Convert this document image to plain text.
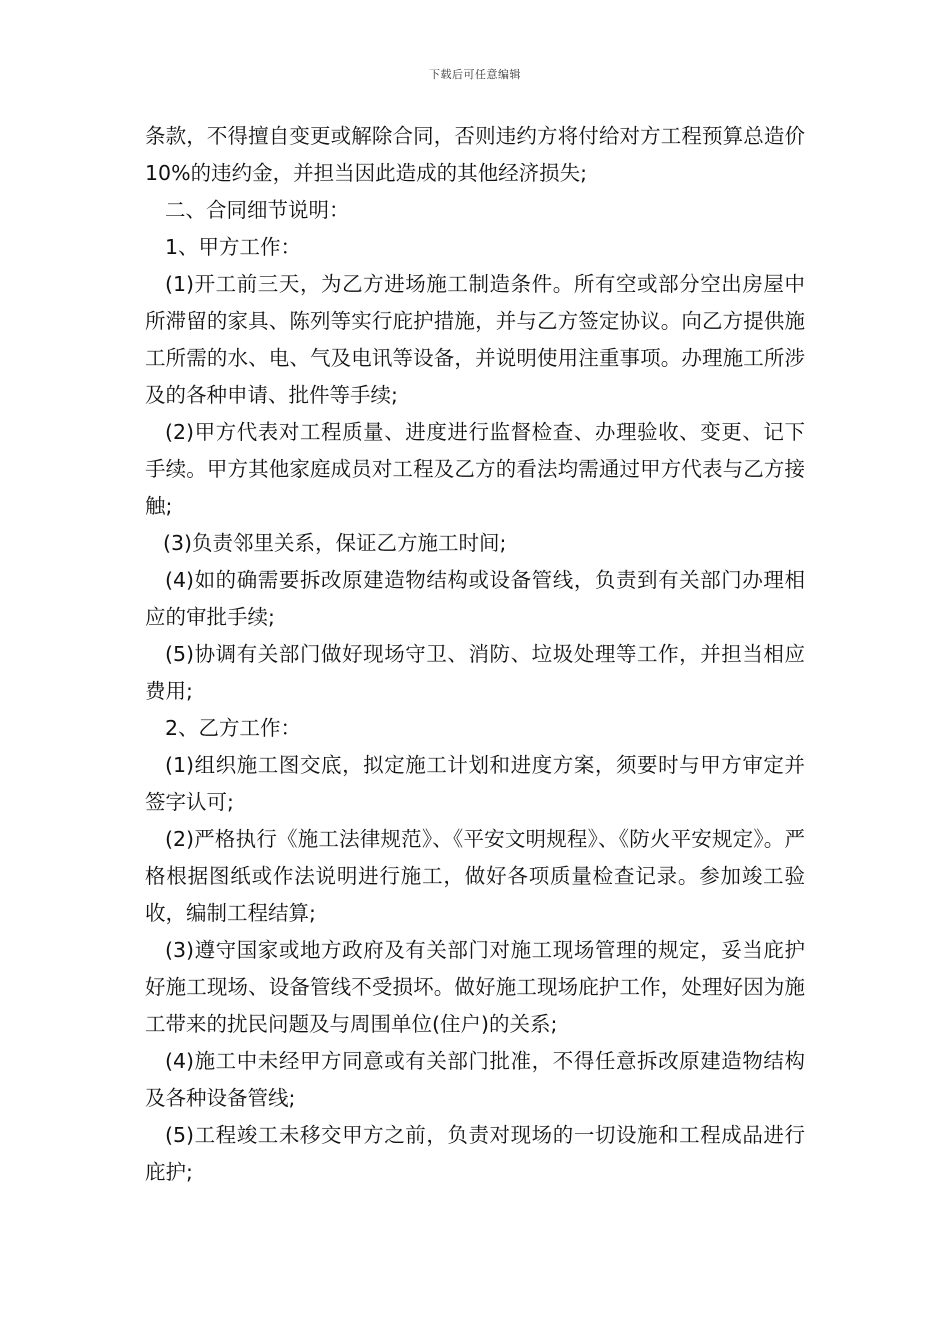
下载后可任意编辑

条款，不得擅自变更或解除合同，否则违约方将付给对方工程预算总造价 10%的违约金，并担当因此造成的其他经济损失;

二、合同细节说明：

1、甲方工作：

(1)开工前三天，为乙方进场施工制造条件。所有空或部分空出房屋中所滞留的家具、陈列等实行庇护措施，并与乙方签定协议。向乙方提供施工所需的水、电、气及电讯等设备，并说明使用注重事项。办理施工所涉及的各种申请、批件等手续;

(2)甲方代表对工程质量、进度进行监督检查、办理验收、变更、记下手续。甲方其他家庭成员对工程及乙方的看法均需通过甲方代表与乙方接触;

(3)负责邻里关系，保证乙方施工时间;

(4)如的确需要拆改原建造物结构或设备管线，负责到有关部门办理相应的审批手续;

(5)协调有关部门做好现场守卫、消防、垃圾处理等工作，并担当相应费用;

2、乙方工作：

(1)组织施工图交底，拟定施工计划和进度方案，须要时与甲方审定并签字认可;

(2)严格执行《施工法律规范》、《平安文明规程》、《防火平安规定》。严格根据图纸或作法说明进行施工，做好各项质量检查记录。参加竣工验收，编制工程结算;

(3)遵守国家或地方政府及有关部门对施工现场管理的规定，妥当庇护好施工现场、设备管线不受损坏。做好施工现场庇护工作，处理好因为施工带来的扰民问题及与周围单位(住户)的关系;

(4)施工中未经甲方同意或有关部门批准，不得任意拆改原建造物结构及各种设备管线;

(5)工程竣工未移交甲方之前，负责对现场的一切设施和工程成品进行庇护;
